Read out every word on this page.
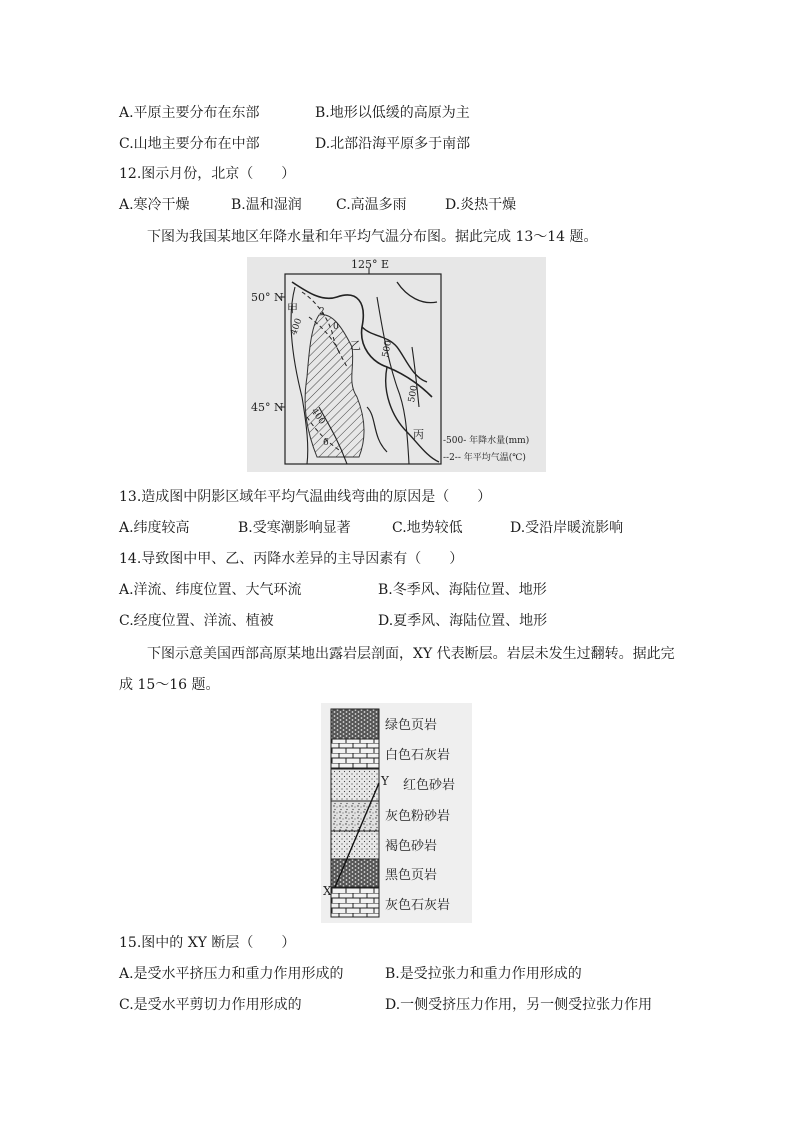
A.平原主要分布在东部	B.地形以低缓的高原为主
C.山地主要分布在中部	D.北部沿海平原多于南部
12.图示月份，北京（　　）
A.寒冷干燥	B.温和湿润 C.高温多雨	D.炎热干燥
下图为我国某地区年降水量和年平均气温分布图。据此完成 13～14 题。
125° E
50° N
45° N
甲
乙
丙
400
400
500
500
2
0
6	-500- 年降水量(mm)
--2-- 年平均气温(℃)
13.造成图中阴影区域年平均气温曲线弯曲的原因是（　　）
A.纬度较高	B.受寒潮影响显著	C.地势较低	D.受沿岸暖流影响
14.导致图中甲、乙、丙降水差异的主导因素有（　　）
A.洋流、纬度位置、大气环流	B.冬季风、海陆位置、地形
C.经度位置、洋流、植被	D.夏季风、海陆位置、地形
下图示意美国西部高原某地出露岩层剖面，XY 代表断层。岩层未发生过翻转。据此完
成 15～16 题。
X
Y
绿色页岩
白色石灰岩
红色砂岩
灰色粉砂岩
褐色砂岩
黑色页岩
灰色石灰岩
15.图中的 XY 断层（　　）
A.是受水平挤压力和重力作用形成的	B.是受拉张力和重力作用形成的
C.是受水平剪切力作用形成的	D.一侧受挤压力作用，另一侧受拉张力作用
